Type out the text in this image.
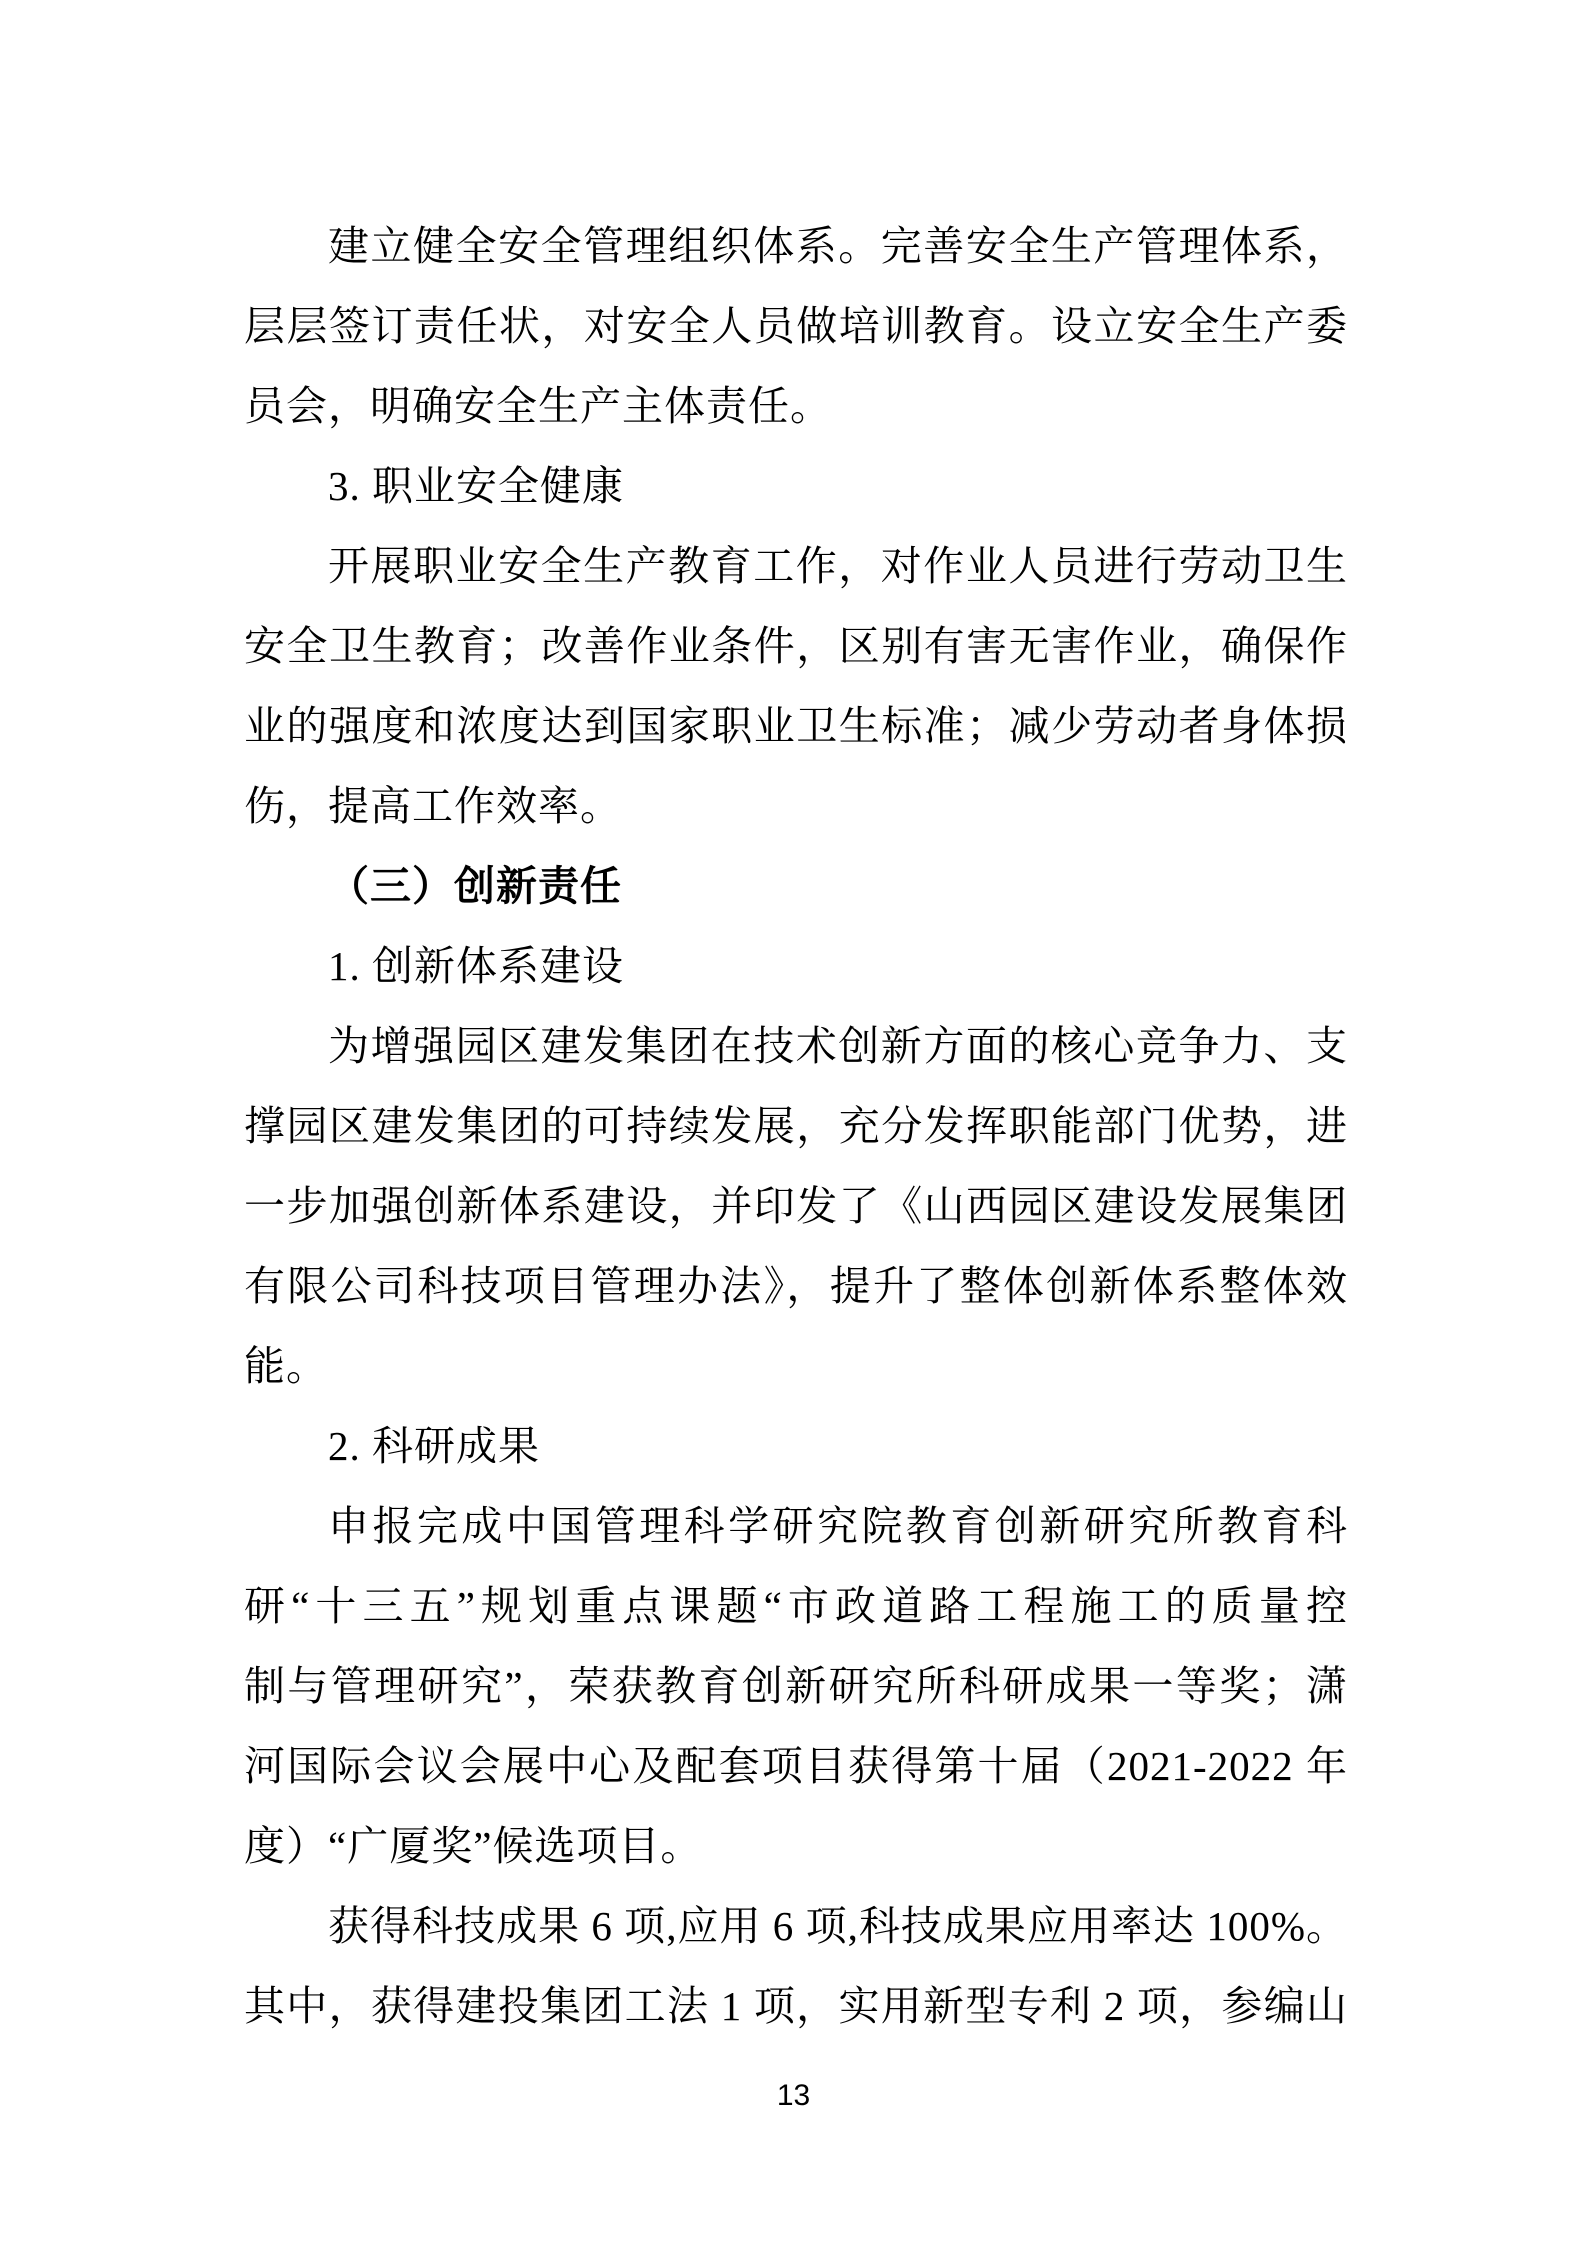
建立健全安全管理组织体系。完善安全生产管理体系，
层层签订责任状，对安全人员做培训教育。设立安全生产委
员会，明确安全生产主体责任。
3. 职业安全健康
开展职业安全生产教育工作，对作业人员进行劳动卫生
安全卫生教育；改善作业条件，区别有害无害作业，确保作
业的强度和浓度达到国家职业卫生标准；减少劳动者身体损
伤，提高工作效率。
（三）创新责任
1. 创新体系建设
为增强园区建发集团在技术创新方面的核心竞争力、支
撑园区建发集团的可持续发展，充分发挥职能部门优势，进
一步加强创新体系建设，并印发了《山西园区建设发展集团
有限公司科技项目管理办法》，提升了整体创新体系整体效
能。
2. 科研成果
申报完成中国管理科学研究院教育创新研究所教育科
研“十三五”规划重点课题“市政道路工程施工的质量控
制与管理研究”，荣获教育创新研究所科研成果一等奖；潇
河国际会议会展中心及配套项目获得第十届（2021-2022 年
度）“广厦奖”候选项目。
获得科技成果 6 项,应用 6 项,科技成果应用率达 100%。
其中，获得建投集团工法 1 项，实用新型专利 2 项，参编山
13
